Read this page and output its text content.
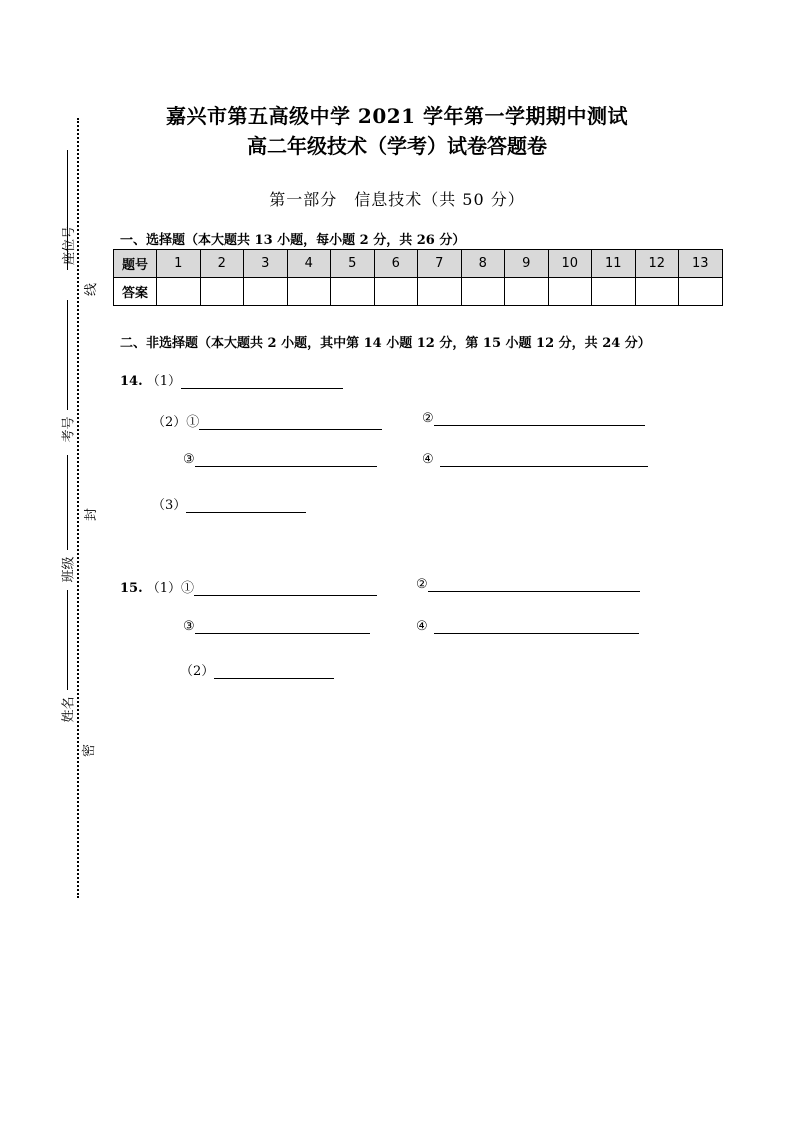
座位号
考号
班级
姓名
线
封
密
嘉兴市第五高级中学 2021 学年第一学期期中测试
高二年级技术（学考）试卷答题卷
第一部分　信息技术（共 50 分）
一、选择题（本大题共 13 小题，每小题 2 分，共 26 分）
题号	1	2	3	4	5	6	7	8	9	10	11	12	13
答案													
二、非选择题（本大题共 2 小题，其中第 14 小题 12 分，第 15 小题 12 分，共 24 分）
14. （1）
（2）①	②
③	④
（3）
15. （1）①	②
③	④
（2）
